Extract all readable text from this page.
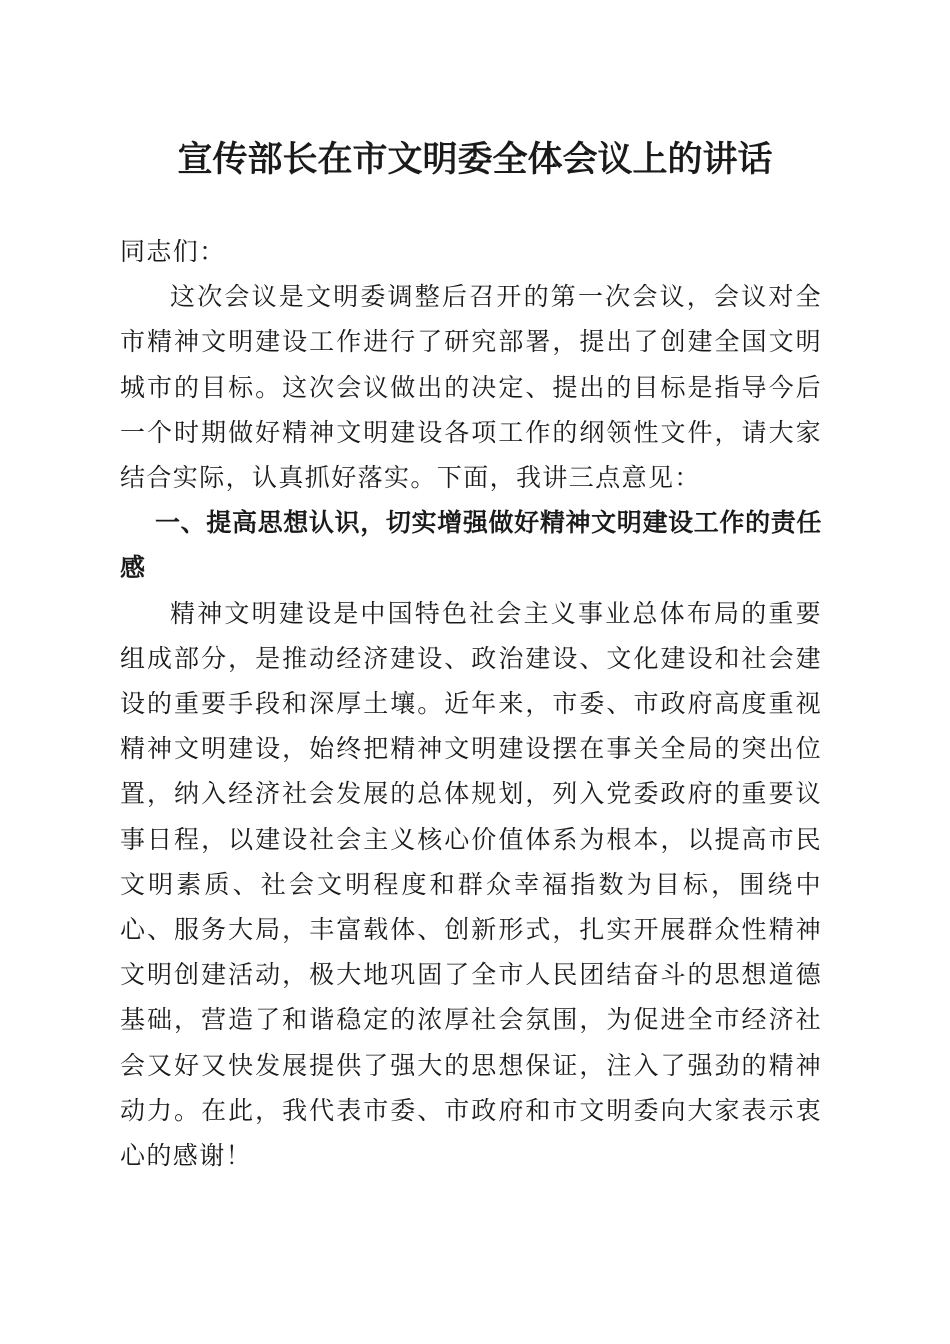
宣传部长在市文明委全体会议上的讲话

同志们：

这次会议是文明委调整后召开的第一次会议，会议对全市精神文明建设工作进行了研究部署，提出了创建全国文明城市的目标。这次会议做出的决定、提出的目标是指导今后一个时期做好精神文明建设各项工作的纲领性文件，请大家结合实际，认真抓好落实。下面，我讲三点意见：

一、提高思想认识，切实增强做好精神文明建设工作的责任感

精神文明建设是中国特色社会主义事业总体布局的重要组成部分，是推动经济建设、政治建设、文化建设和社会建设的重要手段和深厚土壤。近年来，市委、市政府高度重视精神文明建设，始终把精神文明建设摆在事关全局的突出位置，纳入经济社会发展的总体规划，列入党委政府的重要议事日程，以建设社会主义核心价值体系为根本，以提高市民文明素质、社会文明程度和群众幸福指数为目标，围绕中心、服务大局，丰富载体、创新形式，扎实开展群众性精神文明创建活动，极大地巩固了全市人民团结奋斗的思想道德基础，营造了和谐稳定的浓厚社会氛围，为促进全市经济社会又好又快发展提供了强大的思想保证，注入了强劲的精神动力。在此，我代表市委、市政府和市文明委向大家表示衷心的感谢！
